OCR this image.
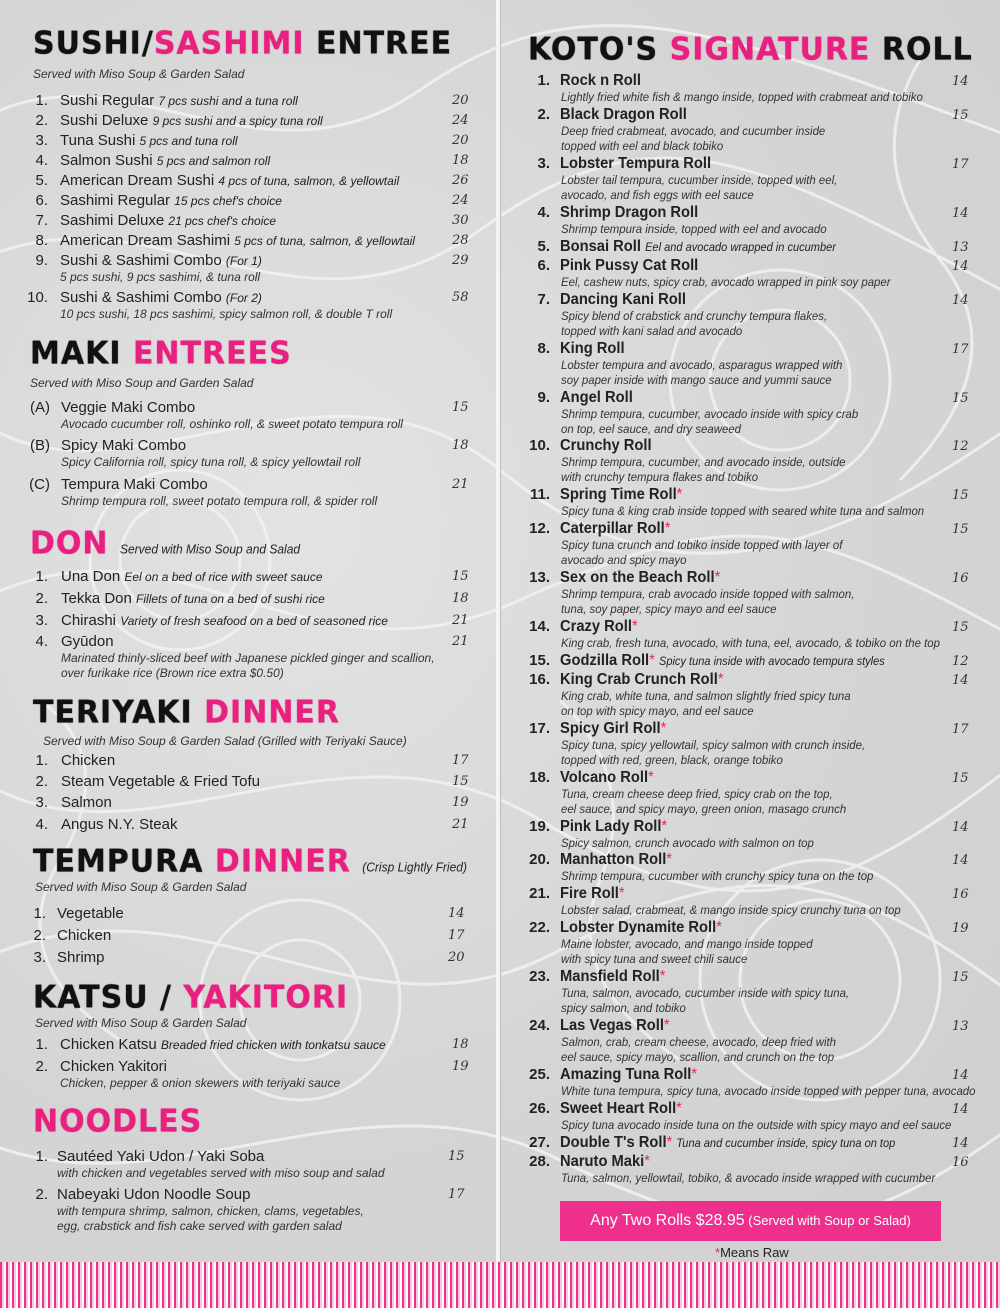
SUSHI/SASHIMI ENTREE
Served with Miso Soup & Garden Salad
1. Sushi Regular 7 pcs sushi and a tuna roll	20
2. Sushi Deluxe 9 pcs sushi and a spicy tuna roll	24
3. Tuna Sushi 5 pcs and tuna roll	20
4. Salmon Sushi 5 pcs and salmon roll	18
5. American Dream Sushi 4 pcs of tuna, salmon, & yellowtail	26
6. Sashimi Regular 15 pcs chef's choice	24
7. Sashimi Deluxe 21 pcs chef's choice	30
8. American Dream Sashimi 5 pcs of tuna, salmon, & yellowtail	28
9. Sushi & Sashimi Combo (For 1)	29
5 pcs sushi, 9 pcs sashimi, & tuna roll
10. Sushi & Sashimi Combo (For 2)	58
10 pcs sushi, 18 pcs sashimi, spicy salmon roll, & double T roll
MAKI ENTREES
Served with Miso Soup and Garden Salad
(A) Veggie Maki Combo	15
Avocado cucumber roll, oshinko roll, & sweet potato tempura roll
(B) Spicy Maki Combo	18
Spicy California roll, spicy tuna roll, & spicy yellowtail roll
(C) Tempura Maki Combo	21
Shrimp tempura roll, sweet potato tempura roll, & spider roll
DON Served with Miso Soup and Salad
1. Una Don Eel on a bed of rice with sweet sauce	15
2. Tekka Don Fillets of tuna on a bed of sushi rice	18
3. Chirashi Variety of fresh seafood on a bed of seasoned rice	21
4. Gyūdon	21
Marinated thinly-sliced beef with Japanese pickled ginger and scallion,
over furikake rice (Brown rice extra $0.50)
TERIYAKI DINNER
Served with Miso Soup & Garden Salad (Grilled with Teriyaki Sauce)
1. Chicken	17
2. Steam Vegetable & Fried Tofu	15
3. Salmon	19
4. Angus N.Y. Steak	21
TEMPURA DINNER (Crisp Lightly Fried)
Served with Miso Soup & Garden Salad
1. Vegetable	14
2. Chicken	17
3. Shrimp	20
KATSU / YAKITORI
Served with Miso Soup & Garden Salad
1. Chicken Katsu Breaded fried chicken with tonkatsu sauce	18
2. Chicken Yakitori	19
Chicken, pepper & onion skewers with teriyaki sauce
NOODLES
1. Sautéed Yaki Udon / Yaki Soba	15
with chicken and vegetables served with miso soup and salad
2. Nabeyaki Udon Noodle Soup	17
with tempura shrimp, salmon, chicken, clams, vegetables,
egg, crabstick and fish cake served with garden salad
KOTO'S SIGNATURE ROLL
1. Rock n Roll	14
Lightly fried white fish & mango inside, topped with crabmeat and tobiko
2. Black Dragon Roll	15
Deep fried crabmeat, avocado, and cucumber inside
topped with eel and black tobiko
3. Lobster Tempura Roll	17
Lobster tail tempura, cucumber inside, topped with eel,
avocado, and fish eggs with eel sauce
4. Shrimp Dragon Roll	14
Shrimp tempura inside, topped with eel and avocado
5. Bonsai Roll Eel and avocado wrapped in cucumber	13
6. Pink Pussy Cat Roll	14
Eel, cashew nuts, spicy crab, avocado wrapped in pink soy paper
7. Dancing Kani Roll	14
Spicy blend of crabstick and crunchy tempura flakes,
topped with kani salad and avocado
8. King Roll	17
Lobster tempura and avocado, asparagus wrapped with
soy paper inside with mango sauce and yummi sauce
9. Angel Roll	15
Shrimp tempura, cucumber, avocado inside with spicy crab
on top, eel sauce, and dry seaweed
10. Crunchy Roll	12
Shrimp tempura, cucumber, and avocado inside, outside
with crunchy tempura flakes and tobiko
11. Spring Time Roll*	15
Spicy tuna & king crab inside topped with seared white tuna and salmon
12. Caterpillar Roll*	15
Spicy tuna crunch and tobiko inside topped with layer of
avocado and spicy mayo
13. Sex on the Beach Roll*	16
Shrimp tempura, crab avocado inside topped with salmon,
tuna, soy paper, spicy mayo and eel sauce
14. Crazy Roll*	15
King crab, fresh tuna, avocado, with tuna, eel, avocado, & tobiko on the top
15. Godzilla Roll* Spicy tuna inside with avocado tempura styles	12
16. King Crab Crunch Roll*	14
King crab, white tuna, and salmon slightly fried spicy tuna
on top with spicy mayo, and eel sauce
17. Spicy Girl Roll*	17
Spicy tuna, spicy yellowtail, spicy salmon with crunch inside,
topped with red, green, black, orange tobiko
18. Volcano Roll*	15
Tuna, cream cheese deep fried, spicy crab on the top,
eel sauce, and spicy mayo, green onion, masago crunch
19. Pink Lady Roll*	14
Spicy salmon, crunch avocado with salmon on top
20. Manhatton Roll*	14
Shrimp tempura, cucumber with crunchy spicy tuna on the top
21. Fire Roll*	16
Lobster salad, crabmeat, & mango inside spicy crunchy tuna on top
22. Lobster Dynamite Roll*	19
Maine lobster, avocado, and mango inside topped
with spicy tuna and sweet chili sauce
23. Mansfield Roll*	15
Tuna, salmon, avocado, cucumber inside with spicy tuna,
spicy salmon, and tobiko
24. Las Vegas Roll*	13
Salmon, crab, cream cheese, avocado, deep fried with
eel sauce, spicy mayo, scallion, and crunch on the top
25. Amazing Tuna Roll*	14
White tuna tempura, spicy tuna, avocado inside topped with pepper tuna, avocado
26. Sweet Heart Roll*	14
Spicy tuna avocado inside tuna on the outside with spicy mayo and eel sauce
27. Double T's Roll* Tuna and cucumber inside, spicy tuna on top	14
28. Naruto Maki*	16
Tuna, salmon, yellowtail, tobiko, & avocado inside wrapped with cucumber
Any Two Rolls $28.95 (Served with Soup or Salad)
*Means Raw
